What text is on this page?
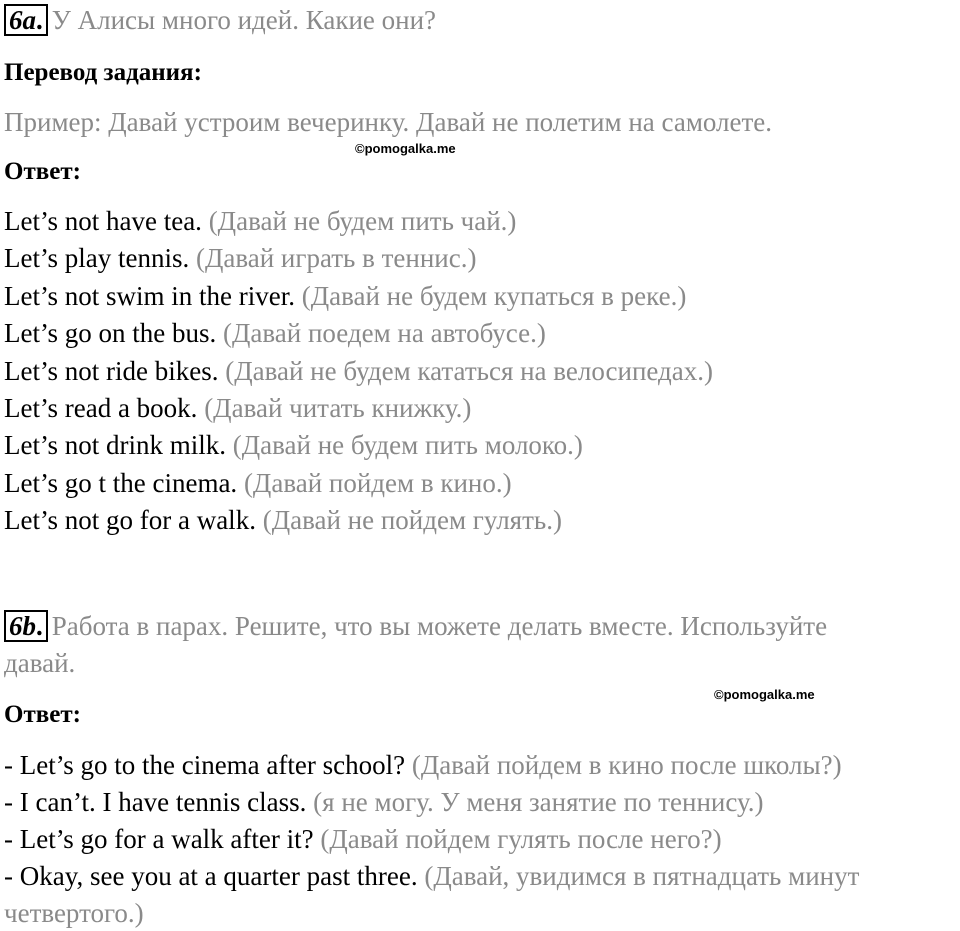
6a. У Алисы много идей. Какие они?
Перевод задания:
Пример: Давай устроим вечеринку. Давай не полетим на самолете.
©pomogalka.me
Ответ:
Let’s not have tea. (Давай не будем пить чай.)
Let’s play tennis. (Давай играть в теннис.)
Let’s not swim in the river. (Давай не будем купаться в реке.)
Let’s go on the bus. (Давай поедем на автобусе.)
Let’s not ride bikes. (Давай не будем кататься на велосипедах.)
Let’s read a book. (Давай читать книжку.)
Let’s not drink milk. (Давай не будем пить молоко.)
Let’s go t the cinema. (Давай пойдем в кино.)
Let’s not go for a walk. (Давай не пойдем гулять.)
6b. Работа в парах. Решите, что вы можете делать вместе. Используйте
давай.
©pomogalka.me
Ответ:
- Let’s go to the cinema after school? (Давай пойдем в кино после школы?)
- I can’t. I have tennis class. (я не могу. У меня занятие по теннису.)
- Let’s go for a walk after it? (Давай пойдем гулять после него?)
- Okay, see you at a quarter past three. (Давай, увидимся в пятнадцать минут
четвертого.)
